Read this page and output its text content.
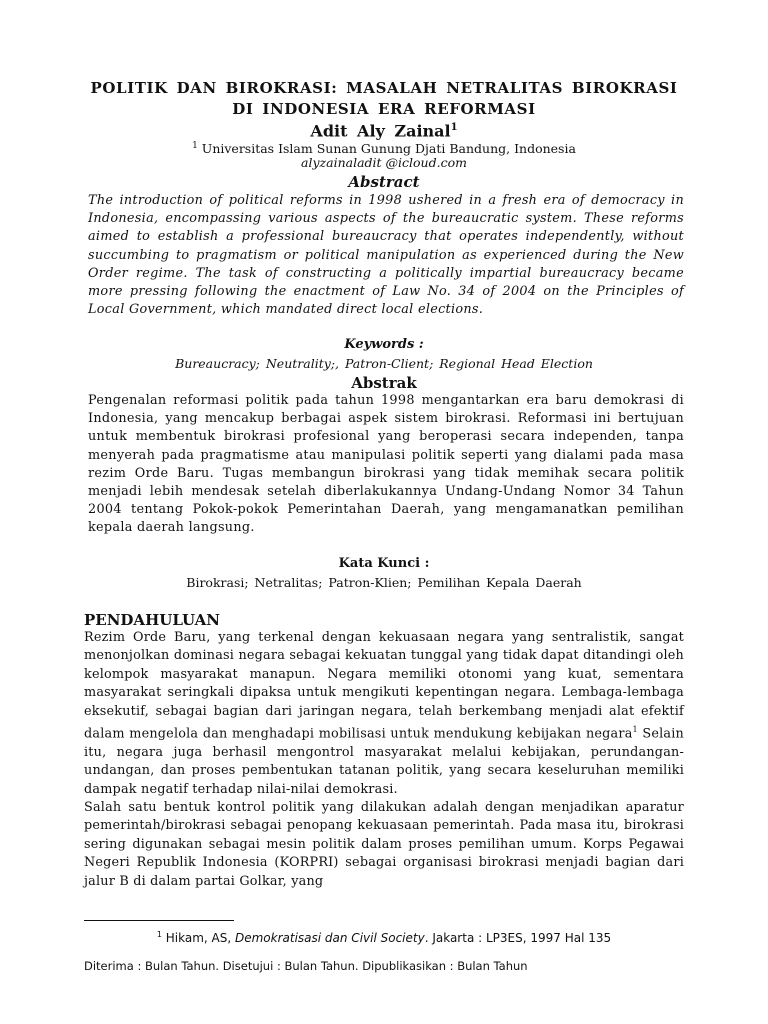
POLITIK DAN BIROKRASI: MASALAH NETRALITAS BIROKRASI DI INDONESIA ERA REFORMASI
Adit Aly Zainal$^1$
$^1$ Universitas Islam Sunan Gunung Djati Bandung, Indonesia
alyzainaladit @icloud.com
Abstract
The introduction of political reforms in 1998 ushered in a fresh era of democracy in Indonesia, encompassing various aspects of the bureaucratic system. These reforms aimed to establish a professional bureaucracy that operates independently, without succumbing to pragmatism or political manipulation as experienced during the New Order regime. The task of constructing a politically impartial bureaucracy became more pressing following the enactment of Law No. 34 of 2004 on the Principles of Local Government, which mandated direct local elections.
Keywords :
Bureaucracy; Neutrality;, Patron-Client; Regional Head Election
Abstrak
Pengenalan reformasi politik pada tahun 1998 mengantarkan era baru demokrasi di Indonesia, yang mencakup berbagai aspek sistem birokrasi. Reformasi ini bertujuan untuk membentuk birokrasi profesional yang beroperasi secara independen, tanpa menyerah pada pragmatisme atau manipulasi politik seperti yang dialami pada masa rezim Orde Baru. Tugas membangun birokrasi yang tidak memihak secara politik menjadi lebih mendesak setelah diberlakukannya Undang-Undang Nomor 34 Tahun 2004 tentang Pokok-pokok Pemerintahan Daerah, yang mengamanatkan pemilihan kepala daerah langsung.
Kata Kunci :
Birokrasi; Netralitas; Patron-Klien; Pemilihan Kepala Daerah
PENDAHULUAN

Rezim Orde Baru, yang terkenal dengan kekuasaan negara yang sentralistik, sangat menonjolkan dominasi negara sebagai kekuatan tunggal yang tidak dapat ditandingi oleh kelompok masyarakat manapun. Negara memiliki otonomi yang kuat, sementara masyarakat seringkali dipaksa untuk mengikuti kepentingan negara. Lembaga-lembaga eksekutif, sebagai bagian dari jaringan negara, telah berkembang menjadi alat efektif dalam mengelola dan menghadapi mobilisasi untuk mendukung kebijakan negara$^1$ Selain itu, negara juga berhasil mengontrol masyarakat melalui kebijakan, perundangan-undangan, dan proses pembentukan tatanan politik, yang secara keseluruhan memiliki dampak negatif terhadap nilai-nilai demokrasi.

Salah satu bentuk kontrol politik yang dilakukan adalah dengan menjadikan aparatur pemerintah/birokrasi sebagai penopang kekuasaan pemerintah. Pada masa itu, birokrasi sering digunakan sebagai mesin politik dalam proses pemilihan umum. Korps Pegawai Negeri Republik Indonesia (KORPRI) sebagai organisasi birokrasi menjadi bagian dari jalur B di dalam partai Golkar, yang

$^1$ Hikam, AS, Demokratisasi dan Civil Society. Jakarta : LP3ES, 1997 Hal 135
Diterima : Bulan Tahun. Disetujui : Bulan Tahun. Dipublikasikan : Bulan Tahun
